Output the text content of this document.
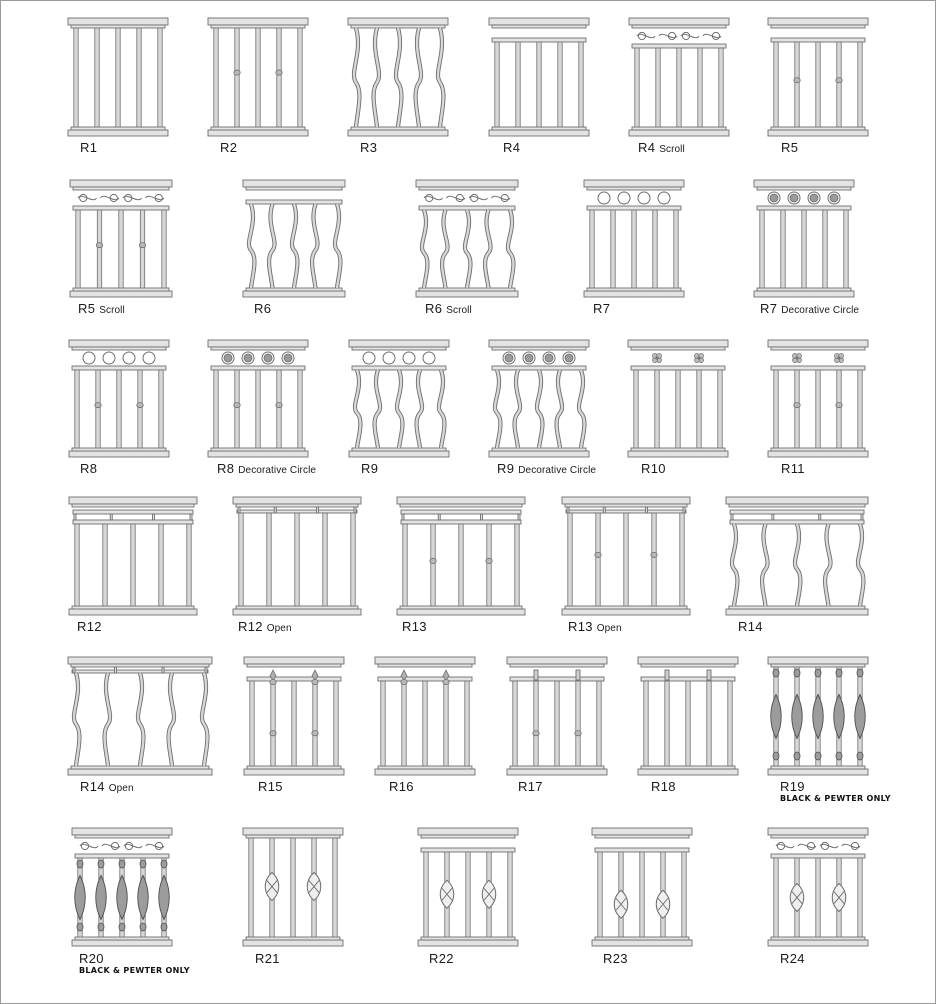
R1	R2	R3	R4	R4 Scroll	R5
R5 Scroll	R6	R6 Scroll	R7	R7 Decorative Circle
R8	R8 Decorative Circle	R9	R9 Decorative Circle	R10	R11
R12	R12 Open	R13	R13 Open	R14
R14 Open	R15	R16	R17	R18	R19
BLACK & PEWTER ONLY
R20
BLACK & PEWTER ONLY
R21	R22	R23	R24
